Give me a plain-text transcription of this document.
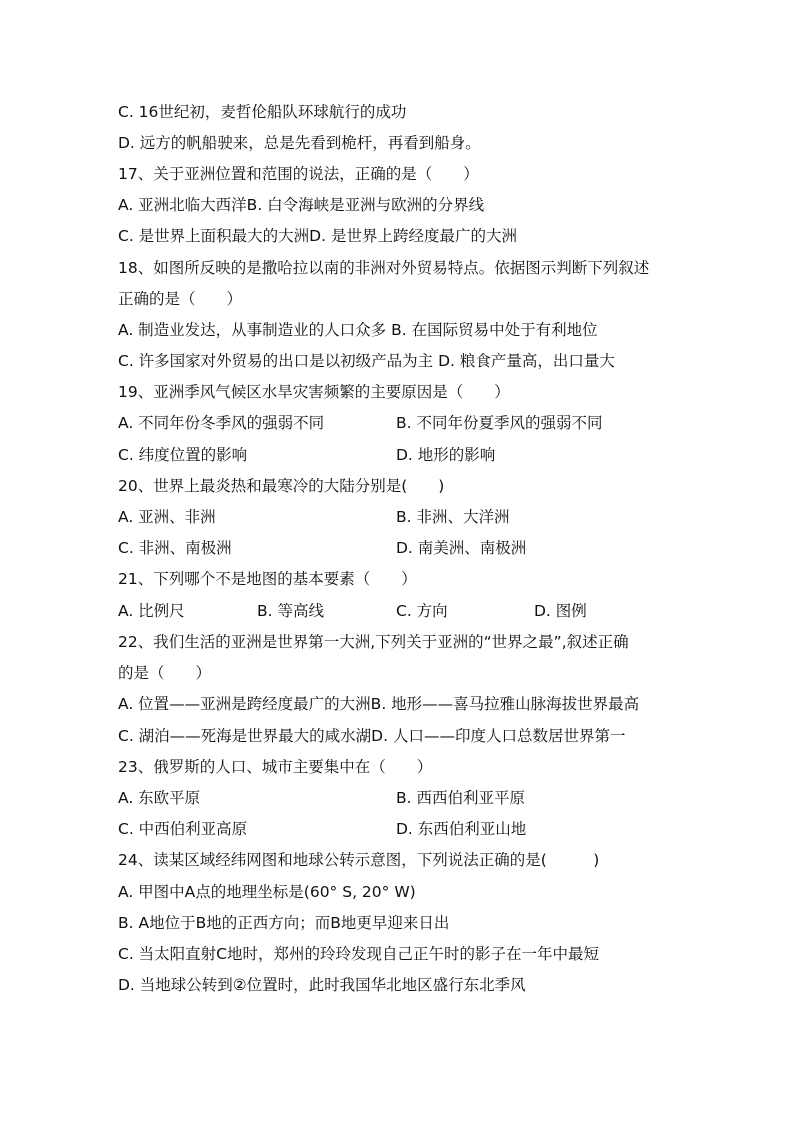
C. 16世纪初，麦哲伦船队环球航行的成功
D. 远方的帆船驶来，总是先看到桅杆，再看到船身。
17、关于亚洲位置和范围的说法，正确的是（　　）
A. 亚洲北临大西洋B. 白令海峡是亚洲与欧洲的分界线
C. 是世界上面积最大的大洲D. 是世界上跨经度最广的大洲
18、如图所反映的是撒哈拉以南的非洲对外贸易特点。依据图示判断下列叙述
正确的是（　　）
A. 制造业发达，从事制造业的人口众多 B. 在国际贸易中处于有利地位
C. 许多国家对外贸易的出口是以初级产品为主 D. 粮食产量高，出口量大
19、亚洲季风气候区水旱灾害频繁的主要原因是（　　）
A. 不同年份冬季风的强弱不同	B. 不同年份夏季风的强弱不同
C. 纬度位置的影响	D. 地形的影响
20、世界上最炎热和最寒冷的大陆分别是(　　)
A. 亚洲、非洲	B. 非洲、大洋洲
C. 非洲、南极洲	D. 南美洲、南极洲
21、下列哪个不是地图的基本要素（　　）
A. 比例尺	B. 等高线	C. 方向	D. 图例
22、我们生活的亚洲是世界第一大洲,下列关于亚洲的“世界之最”,叙述正确
的是（　　）
A. 位置——亚洲是跨经度最广的大洲B. 地形——喜马拉雅山脉海拔世界最高
C. 湖泊——死海是世界最大的咸水湖D. 人口——印度人口总数居世界第一
23、俄罗斯的人口、城市主要集中在（　　）
A. 东欧平原	B. 西西伯利亚平原
C. 中西伯利亚高原	D. 东西伯利亚山地
24、读某区域经纬网图和地球公转示意图，下列说法正确的是(　　　)
A. 甲图中A点的地理坐标是(60° S, 20° W)
B. A地位于B地的正西方向；而B地更早迎来日出
C. 当太阳直射C地时，郑州的玲玲发现自己正午时的影子在一年中最短
D. 当地球公转到②位置时，此时我国华北地区盛行东北季风
